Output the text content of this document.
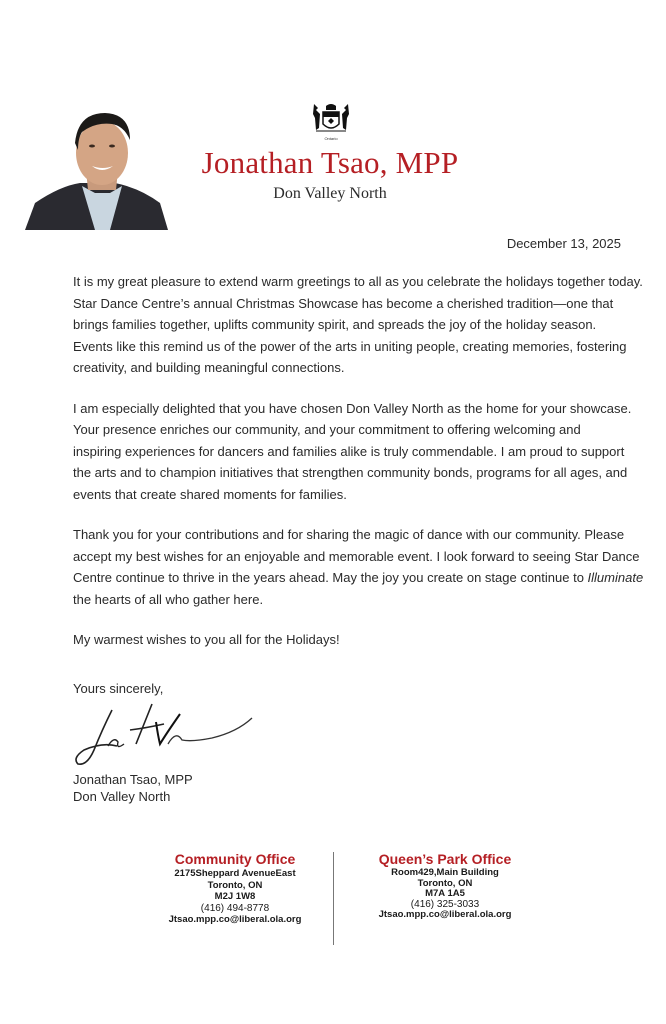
Ontario
Jonathan Tsao, MPP
Don Valley North
December 13, 2025

It is my great pleasure to extend warm greetings to all as you celebrate the holidays together today.
Star Dance Centre’s annual Christmas Showcase has become a cherished tradition—one that
brings families together, uplifts community spirit, and spreads the joy of the holiday season.
Events like this remind us of the power of the arts in uniting people, creating memories, fostering
creativity, and building meaningful connections.

I am especially delighted that you have chosen Don Valley North as the home for your showcase.
Your presence enriches our community, and your commitment to offering welcoming and
inspiring experiences for dancers and families alike is truly commendable. I am proud to support
the arts and to champion initiatives that strengthen community bonds, programs for all ages, and
events that create shared moments for families.

Thank you for your contributions and for sharing the magic of dance with our community. Please
accept my best wishes for an enjoyable and memorable event. I look forward to seeing Star Dance
Centre continue to thrive in the years ahead. May the joy you create on stage continue to Illuminate
the hearts of all who gather here.

My warmest wishes to you all for the Holidays!

Yours sincerely,
Jonathan Tsao, MPP
Don Valley North
Community Office
2175Sheppard AvenueEast
Toronto, ON
M2J 1W8
(416) 494-8778
Jtsao.mpp.co@liberal.ola.org
Queen’s Park Office
Room429,Main Building
Toronto, ON
M7A 1A5
(416) 325-3033
Jtsao.mpp.co@liberal.ola.org
